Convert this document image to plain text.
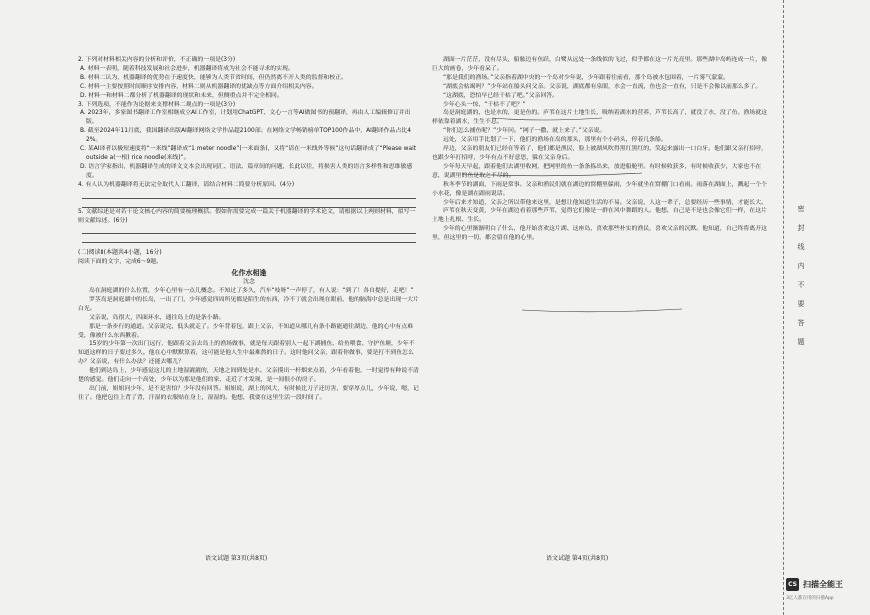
2. 下列对材料相关内容的分析和评价，不正确的一项是(3分)

A. 材料一表明，随着科技发展和社会进步，机器翻译将成为社会不能寻求的实现。

B. 材料二认为，机器翻译的优势在于速度快，能够为人类节省时间，但仍然离不开人类的监督和校正。

C. 材料一主要按照时间顺序安排内容，材料二则从机器翻译的优缺点等方面介绍相关内容。

D. 材料一和材料二都分析了机器翻译的现状和未来，但侧重点并不完全相同。

3. 下列选项，不能作为论据来支撑材料二观点的一项是(3分)

A. 2023年，多家图书翻译工作室相继成立AI工作室，计划用ChatGPT、文心一言等AI做图书的预翻译，再由人工编辑修订并出版。

B. 截至2024年11月底，我国翻译出版AI翻译网络文学作品超2100部；在网络文学畅销榜单TOP100作品中，AI翻译作品占比42%。

C. 某AI译者以极短速度将“一米线”翻译成“1 meter noodle”(一米面条)，又将“请在一米线外等候”这句话翻译成了“Please wait outside a(一根) rice noodle(米线)”。

D. 语言学家指出，机器翻译生成的译文文本会出现词汇、语法、篇章间的问题，长此以往，将损害人类的语言多样性和思维敏感度。

4. 有人认为机器翻译将无法完全取代人工翻译，请结合材料二简要分析原因。(4分)

5. 文献综述是对若干论文核心内容的简要梳理概括。假如你需要完成一篇关于机器翻译的学术论文，请根据以上两则材料，拟写一则文献综述。(6分)

(二)阅读Ⅱ(本题共4小题，16分)

阅读下面的文字，完成6～9题。

化作水相逢

沈念

岛在洞庭湖的什么位置，少年心里有一点儿概念。不知过了多久，汽车“吱呀”一声停了，有人说：“到了！各自提好，走吧！”

罗茎岛是洞庭湖中的长岛，一出了门，少年感觉四周所见都是陌生的东西，冷不丁就会出现在眼前，他的脑海中总是出现一大片白光。

父亲说，岛很大，四面环水，通往岛上的是条小路。

那是一条步行的通道。父亲说完，低头就走了。少年背着包，跟上父亲，不知道从哪儿有条小路能通往湖边，他的心中有点难受，像被什么东西揪着。

15岁的少年第一次出门远行，他跟着父亲去岛上的渔场做事，就是每天跟着别人一起下湖捕鱼、给鱼喂食、守护鱼塘，少年不知道这样的日子要过多久。他在心中默默算着，这可能是他人生中最难熬的日子。这时他问父亲，跟着你做事，要是打不到鱼怎么办？父亲说，有什么办法？还能去哪儿？

他们到达岛上，少年感觉这儿的土地湿漉漉的，天地之间到处是水。父亲摸出一杆烟来点着，少年看着他，一时觉得有种说不清楚的感觉。他们走向一个高处，少年以为那是他们的家，走近了才发现，是一间很小的房子。

出门前，姐姐问少年，是不是害怕？少年没有回答。姐姐说，湖上的风大，有时候比刀子还厉害，要穿厚点儿，少年说，嗯，记住了。他把包往上背了背，汗湿的衣服贴在身上，湿湿的。他想，我要在这里生活一段时间了。

湖面一片茫茫，没有尽头，船舷边有鱼跃，白鹭从远处一条线似的飞过，似乎都在这一片光亮里。那些湖中岛屿连成一片，像巨大的画卷，少年看呆了。

“那是我们的渔场。”父亲指着湖中央的一个岛对少年说，少年跟着往前看，那个岛被水包围着，一片雾气蒙蒙。

“湖底会枯竭吗？”少年站在船头问父亲。父亲说，湖底都有泉眼，水会一直流，鱼也会一直有，只是不会像以前那么多了。

“这湖底，恐怕早已经干枯了吧。”父亲回答。

少年心头一惊，“干枯不了吧？”

岛是洞庭湖的，也是水的，更是鱼的。庐苇在这片土地生长，吸纳着湖水的营养，芦苇长高了，就没了水，没了鱼。渔场就这样依靠着湖水，生生不息。

“你们怎么捕鱼呢？”少年问。“网子一撒，就上来了。”父亲说。

远处，父亲用手比划了一下，他们的渔场在岛的那头，那里有个小码头，停着几条船。

岸边，父亲的朋友们已经在等着了，他们都是渔民，脸上被湖风吹得黑红黑红的，笑起来露出一口白牙。他们跟父亲打招呼，也跟少年打招呼，少年有点不好意思，躲在父亲身后。

少年每天早起，跟着他们去湖里收网，把网里的鱼一条条拣出来，放进船舱里。有时候收获多，有时候收获少，大家也不在意，说湖里的鱼是取之不尽的。

秋冬季节的湖面，下雨是常事。父亲和渔民们就在湖边的窝棚里躲雨，少年就坐在窝棚门口看雨。雨落在湖面上，溅起一个个小水花，像是湖在跟雨说话。

少年后来才知道，父亲之所以带他来这里，是想让他知道生活的不易。父亲说，人这一辈子，总要经历一些事情，才能长大。

庐苇在秋天变黄，少年在湖边看着那些芦苇，觉得它们像是一群在风中舞蹈的人。他想，自己是不是也会像它们一样，在这片土地上扎根、生长。

少年的心里渐渐明白了什么，他开始喜欢这片湖、这座岛，喜欢那些朴实的渔民，喜欢父亲的沉默。他知道，自己终将离开这里，但这里的一切，都会留在他的心里。

语文试题 第3页(共8页)	语文试题 第4页(共8页)
密
封
线
内
不
要
答
题
CS 扫描全能王
3亿人都在用的扫描App
